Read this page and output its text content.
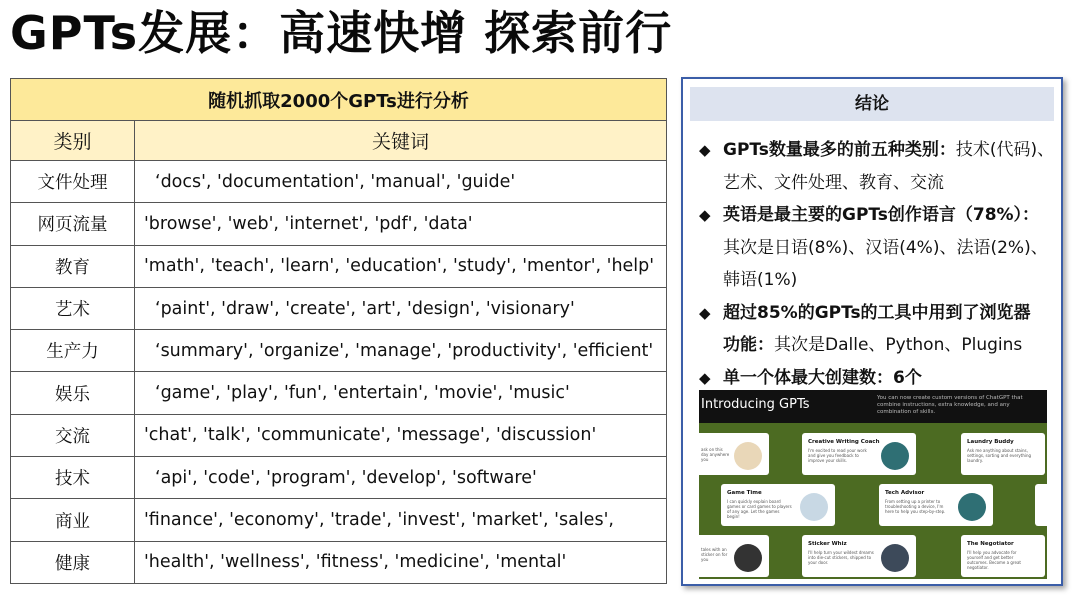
GPTs发展：高速快增 探索前行
随机抓取2000个GPTs进行分析	
类别	关键词
文件处理	‘docs', 'documentation', 'manual', 'guide'
网页流量	'browse', 'web', 'internet', 'pdf', 'data'
教育	'math', 'teach', 'learn', 'education', 'study', 'mentor', 'help'
艺术	‘paint', 'draw', 'create', 'art', 'design', 'visionary'
生产力	‘summary', 'organize', 'manage', 'productivity', 'efficient'
娱乐	‘game', 'play', 'fun', 'entertain', 'movie', 'music'
交流	'chat', 'talk', 'communicate', 'message', 'discussion'
技术	‘api', 'code', 'program', 'develop', 'software'
商业	'finance', 'economy', 'trade', 'invest', 'market', 'sales',
健康	'health', 'wellness', 'fitness', 'medicine', 'mental'
结论
◆ GPTs数量最多的前五种类别：技术(代码)、
艺术、文件处理、教育、交流
◆ 英语是最主要的GPTs创作语言（78%）：
其次是日语(8%)、汉语(4%)、法语(2%)、
韩语(1%)
◆ 超过85%的GPTs的工具中用到了浏览器
功能：其次是Dalle、Python、Plugins
◆ 单一个体最大创建数：6个
Introducing GPTs	You can now create custom versions of ChatGPT that combine instructions, extra knowledge, and any combination of skills.
ask on this day anywhere you
Creative Writing Coach
I'm excited to read your work and give you feedback to improve your skills.
Laundry Buddy
Ask me anything about stains, settings, sorting and everything laundry.
Game Time
I can quickly explain board games or card games to players of any age. Let the games begin!
Tech Advisor
From setting up a printer to troubleshooting a device, I'm here to help you step-by-step.
tales with an sticker on for you
Sticker Whiz
I'll help turn your wildest dreams into die-cut stickers, shipped to your door.
The Negotiator
I'll help you advocate for yourself and get better outcomes. Become a great negotiator.
